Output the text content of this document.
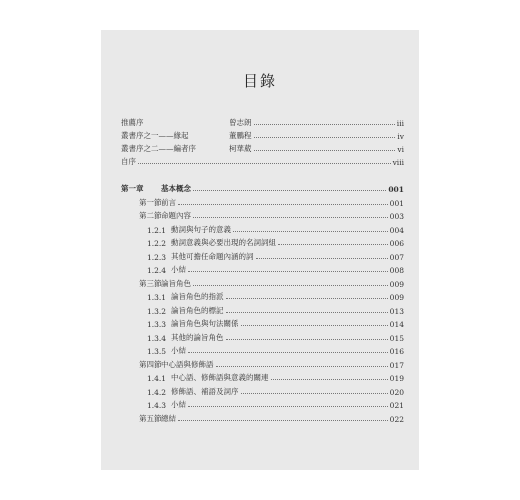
目錄
推薦序	曾志朗	iii
叢書序之一——緣起	董鵬程	iv
叢書序之二——編者序	柯華葳	vi
自序	viii
第一章	基本概念	001
第一節 前言	001
第二節 命題內容	003
1.2.1 動詞與句子的意義	004
1.2.2 動詞意義與必要出現的名詞詞組	006
1.2.3 其他可擔任命題內涵的詞	007
1.2.4 小結	008
第三節 論旨角色	009
1.3.1 論旨角色的指派	009
1.3.2 論旨角色的標記	013
1.3.3 論旨角色與句法關係	014
1.3.4 其他的論旨角色	015
1.3.5 小結	016
第四節 中心語與修飾語	017
1.4.1 中心語、修飾語與意義的關連	019
1.4.2 修飾語、補語及詞序	020
1.4.3 小結	021
第五節 總結	022
